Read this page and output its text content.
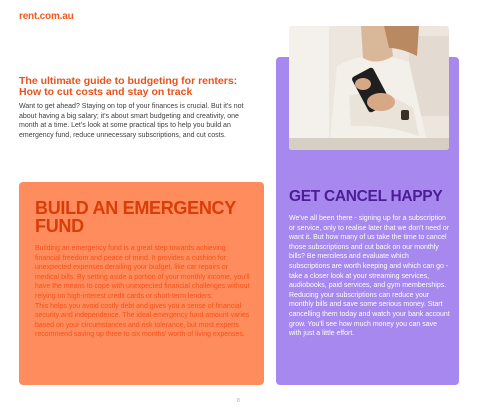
rent.com.au
The ultimate guide to budgeting for renters: How to cut costs and stay on track

Want to get ahead? Staying on top of your finances is crucial. But it's not about having a big salary; it's about smart budgeting and creativity, one month at a time. Let's look at some practical tips to help you build an emergency fund, reduce unnecessary subscriptions, and cut costs.

GET CANCEL HAPPY

We've all been there - signing up for a subscription or service, only to realise later that we don't need or want it. But how many of us take the time to cancel those subscriptions and cut back on our monthly bills? Be merciless and evaluate which subscriptions are worth keeping and which can go - take a closer look at your streaming services, audiobooks, paid services, and gym memberships.

Reducing your subscriptions can reduce your monthly bills and save some serious money. Start cancelling them today and watch your bank account grow. You'll see how much money you can save with just a little effort.

BUILD AN EMERGENCY FUND

Building an emergency fund is a great step towards achieving financial freedom and peace of mind. It provides a cushion for unexpected expenses derailing your budget, like car repairs or medical bills. By setting aside a portion of your monthly income, you'll have the means to cope with unexpected financial challenges without relying on high-interest credit cards or short-term lenders.

This helps you avoid costly debt and gives you a sense of financial security and independence. The ideal emergency fund amount varies based on your circumstances and risk tolerance, but most experts recommend saving up three to six months' worth of living expenses.

8
